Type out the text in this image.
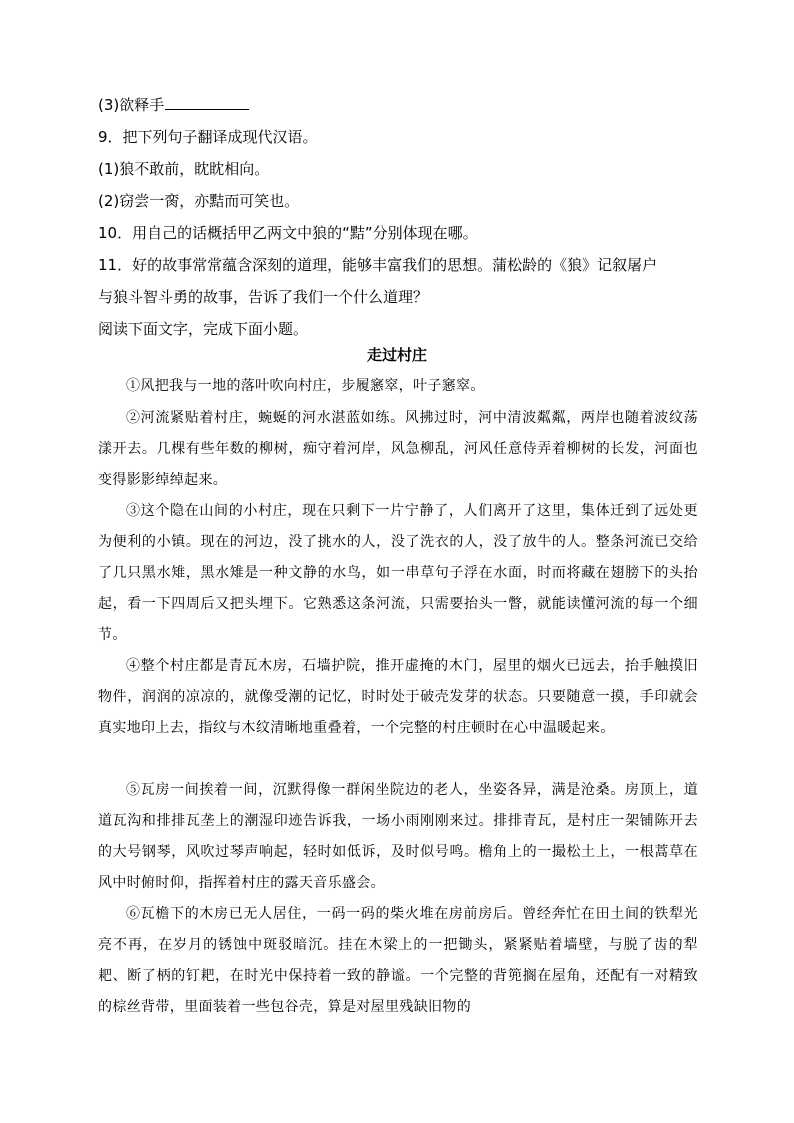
(3)欲释手
9．把下列句子翻译成现代汉语。
(1)狼不敢前，眈眈相向。
(2)窃尝一脔，亦黠而可笑也。
10．用自己的话概括甲乙两文中狼的“黠”分别体现在哪。
11．好的故事常常蕴含深刻的道理，能够丰富我们的思想。蒲松龄的《狼》记叙屠户
与狼斗智斗勇的故事，告诉了我们一个什么道理？
阅读下面文字，完成下面小题。
走过村庄

①风把我与一地的落叶吹向村庄，步履窸窣，叶子窸窣。

②河流紧贴着村庄，蜿蜒的河水湛蓝如练。风拂过时，河中清波粼粼，两岸也随着波纹荡漾开去。几棵有些年数的柳树，痴守着河岸，风急柳乱，河风任意侍弄着柳树的长发，河面也变得影影绰绰起来。

③这个隐在山间的小村庄，现在只剩下一片宁静了，人们离开了这里，集体迁到了远处更为便利的小镇。现在的河边，没了挑水的人，没了洗衣的人，没了放牛的人。整条河流已交给了几只黑水雉，黑水雉是一种文静的水鸟，如一串草句子浮在水面，时而将藏在翅膀下的头抬起，看一下四周后又把头埋下。它熟悉这条河流，只需要抬头一瞥，就能读懂河流的每一个细节。

④整个村庄都是青瓦木房，石墙护院，推开虚掩的木门，屋里的烟火已远去，抬手触摸旧物件，润润的凉凉的，就像受潮的记忆，时时处于破壳发芽的状态。只要随意一摸，手印就会真实地印上去，指纹与木纹清晰地重叠着，一个完整的村庄顿时在心中温暖起来。

⑤瓦房一间挨着一间，沉默得像一群闲坐院边的老人，坐姿各异，满是沧桑。房顶上，道道瓦沟和排排瓦垄上的潮湿印迹告诉我，一场小雨刚刚来过。排排青瓦，是村庄一架铺陈开去的大号钢琴，风吹过琴声响起，轻时如低诉，及时似号鸣。檐角上的一撮松土上，一根蒿草在风中时俯时仰，指挥着村庄的露天音乐盛会。

⑥瓦檐下的木房已无人居住，一码一码的柴火堆在房前房后。曾经奔忙在田土间的铁犁光亮不再，在岁月的锈蚀中斑驳暗沉。挂在木梁上的一把锄头，紧紧贴着墙壁，与脱了齿的犁耙、断了柄的钉耙，在时光中保持着一致的静谧。一个完整的背篼搁在屋角，还配有一对精致的棕丝背带，里面装着一些包谷壳，算是对屋里残缺旧物的
